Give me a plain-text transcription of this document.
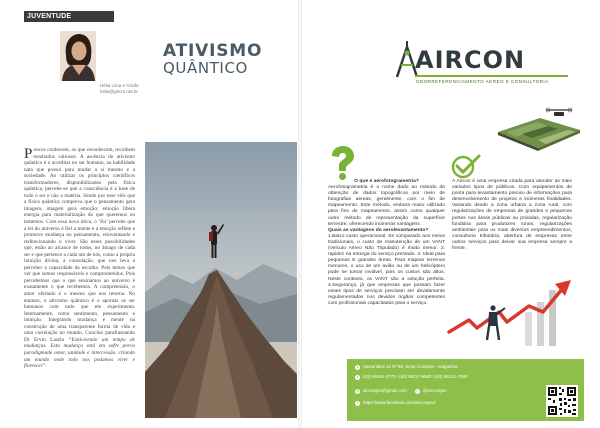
JUVENTUDE ACUMULADA
Hélia Lima e Girafa
helia@ghcm.net.br
ATIVISMO
QUÂNTICO
Poucos conhecem, os que reconhecem, recolhem resultados valiosos. A ascência do ativismo quântico é o acreditar no ser humano, na habilidade nata que possui para mudar a si mesmo e a sociedade. Ao utilizar os princípios científicos transformadores, disponibilizados pela física quântica, percebe-se que a consciência é a base de todo o ser e não a matéria. Sendo por esse viés que a física quântica compreva que o pensamento gera imagem, imagem gera emoção; emoção libera energia para materialização do que queremos ou tememos. Com essa nova ótica, o ‘Eu’ percebe que a lei do universo é fiel a mente e a emoção reflete e promove mudança no pensamento, reinventando e redirecionando o viver. São esses possibilidades que, estão ao alcance de todos, no âmago de cada ser e que pertence a cada um de nós, como a própria intuição divina, a consolação, que nos leva a perceber a capacidade da escolha. Pois temos que ver que somos responsáveis e comprometidos. Pois percebemos que o que ensinamos ao universo é exatamente o que recebemos. A compreensão, o amor ofertado é o mesmo que nos retorna. No entanto, o ativismo quântico é o apontar os ser humanos com tudo que ele experimenta. Internamente, como sentimento, pensamento e intuição. Integrando mudança e mente na construção de uma transparente forma de vida e uma correlação no mundo. Concluo parafraseando Dr Ervin Laszlo “Estávivendo um tempo de mudanças. Esta mudança está em sofre porvo paradigmade amor, unidade e intercessão, criando um mundo onde todo nós podamos viver e florescer”.
AIRCON
GEORREFERENCIAMENTO AÉREO E CONSULTORIA
O que é aerofotogrametria?
Aerofotogrametria é o nome dado ao método de obtenção de dados topográficos por meio de fotografias aéreas, geralmente, com o fim de mapeamento. Este método, embora muito utilizado para fins de mapeamento, assim como qualquer outro método de representação da superfície terrestre, oferecendo inúmeras vantagens.
Quais as vantagens do aerolevantamento?
1.Baixo custo operacional. Se comparado aos meios tradicionais, o custo de manutenção de um VANT (Veículo Aéreo Não Tripulado) é muito menor. 2. rapidez na entrega do serviço prestado. 3. Ideal para pequenas E grandes áreas. Para mapear terrenos menores, o uso de um avião ou de um helicóptero pode se tornar inviável, pois os custos são altos. Neste contexto, os VANT são a solução perfeita. 4.Segurança, já que empresas que possam fazer esses tipos de serviços precisam ser devidamente regulamentadas nos devidos órgãos competentes com profissionais capacitados para o serviço.
A Aircon é uma empresa criada para atender as mais variados tipos de públicos. Com equipamentos de ponta para levantamento preciso de informações para desenvolvimento de projetos e inúmeras finalidades. Variando desde a zona urbana a zona rural, com regularizações de empresas de grandes e pequenos portes nos áreas públicas ou privadas, regularização fundiária para produtores rurais, regularizações ambientais para os mais diversos empreendimentos, consultoria tributária, abertura de empresas entre outros serviços para deixar sua empresa sempre a frente.
●	Atacanibus 12 Nº 86, Setor Coimbra - Araguaína
●	(63) 99184-0770 / (63) 99117-9580 / (63) 99121-7500
@ aircongeo@gmail.com	◎ @aircongeo
f	https://www.facebook.com/aircongeo/
